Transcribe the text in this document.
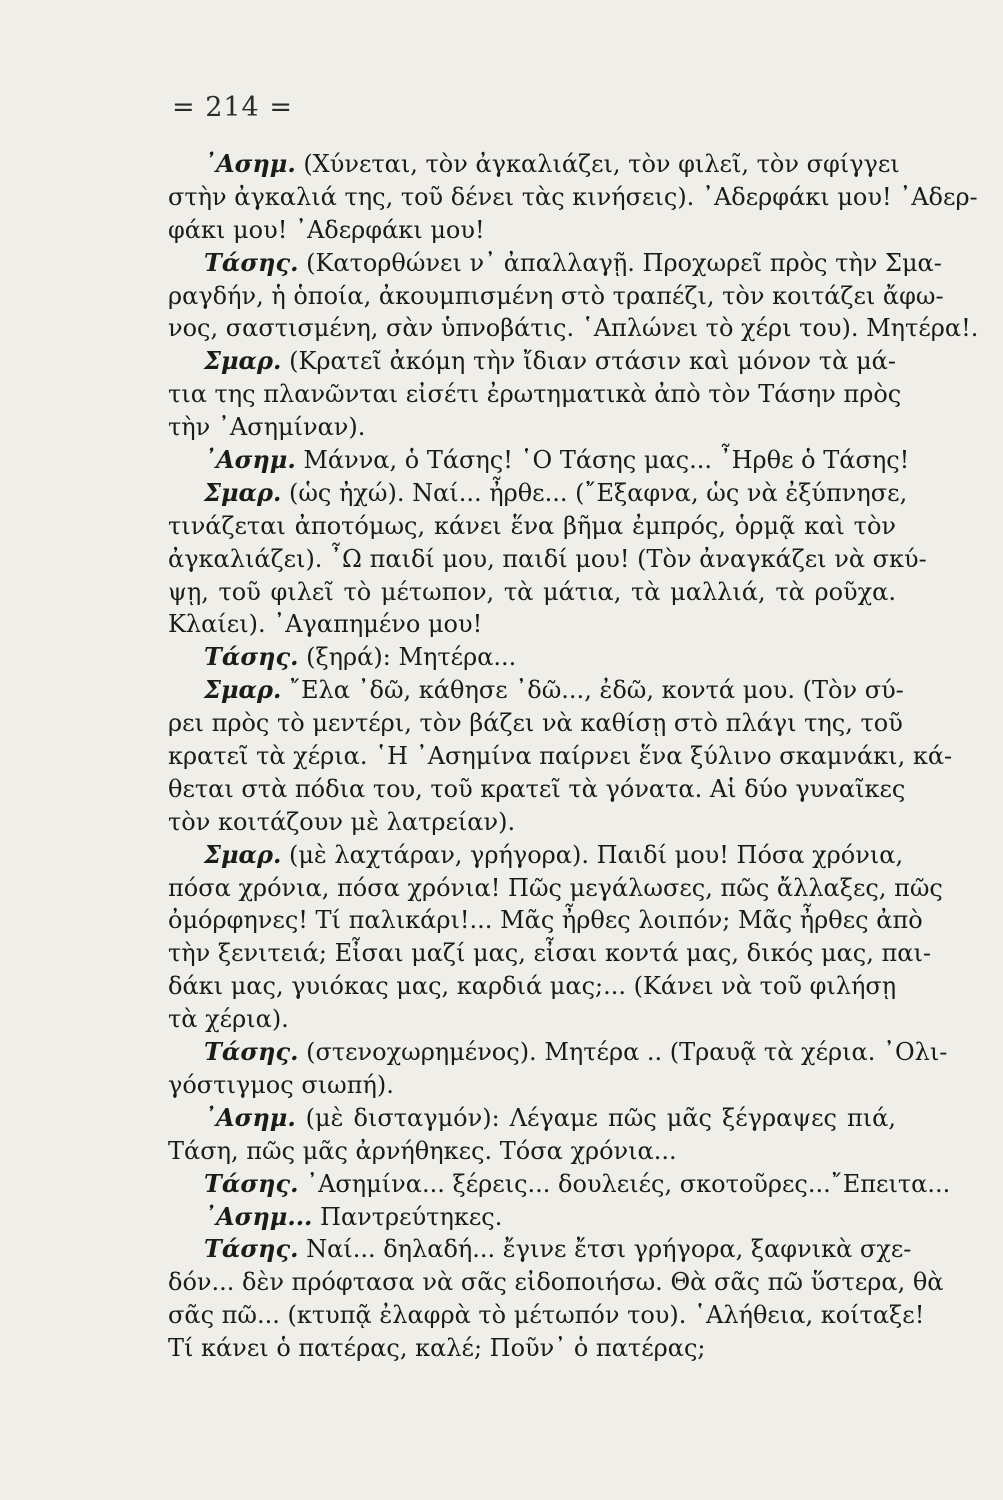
= 214 =
᾿Ασημ. (Χύνεται, τὸν ἀγκαλιάζει, τὸν φιλεῖ, τὸν σφίγγει
στὴν ἀγκαλιά της, τοῦ δένει τὰς κινήσεις). ᾿Αδερφάκι μου! ᾿Αδερ-
φάκι μου! ᾿Αδερφάκι μου!
Τάσης. (Κατορθώνει ν᾿ ἀπαλλαγῇ. Προχωρεῖ πρὸς τὴν Σμα-
ραγδήν, ἡ ὁποία, ἀκουμπισμένη στὸ τραπέζι, τὸν κοιτάζει ἄφω-
νος, σαστισμένη, σὰν ὑπνοβάτις. ῾Απλώνει τὸ χέρι του). Μητέρα!.
Σμαρ. (Κρατεῖ ἀκόμη τὴν ἴδιαν στάσιν καὶ μόνον τὰ μά-
τια της πλανῶνται εἰσέτι ἐρωτηματικὰ ἀπὸ τὸν Τάσην πρὸς
τὴν ᾿Ασημίναν).
᾿Ασημ. Μάννα, ὁ Τάσης! ῾Ο Τάσης μας... ῏Ηρθε ὁ Τάσης!
Σμαρ. (ὡς ἠχώ). Ναί... ἦρθε... (῎Εξαφνα, ὡς νὰ ἐξύπνησε,
τινάζεται ἀποτόμως, κάνει ἕνα βῆμα ἐμπρός, ὁρμᾷ καὶ τὸν
ἀγκαλιάζει). ῏Ω παιδί μου, παιδί μου! (Τὸν ἀναγκάζει νὰ σκύ-
ψῃ, τοῦ φιλεῖ τὸ μέτωπον, τὰ μάτια, τὰ μαλλιά, τὰ ροῦχα.
Κλαίει). ᾿Αγαπημένο μου!
Τάσης. (ξηρά): Μητέρα...
Σμαρ. ῎Ελα ᾿δῶ, κάθησε ᾿δῶ..., ἐδῶ, κοντά μου. (Τὸν σύ-
ρει πρὸς τὸ μεντέρι, τὸν βάζει νὰ καθίσῃ στὸ πλάγι της, τοῦ
κρατεῖ τὰ χέρια. ῾Η ᾿Ασημίνα παίρνει ἕνα ξύλινο σκαμνάκι, κά-
θεται στὰ πόδια του, τοῦ κρατεῖ τὰ γόνατα. Αἱ δύο γυναῖκες
τὸν κοιτάζουν μὲ λατρείαν).
Σμαρ. (μὲ λαχτάραν, γρήγορα). Παιδί μου! Πόσα χρόνια,
πόσα χρόνια, πόσα χρόνια! Πῶς μεγάλωσες, πῶς ἄλλαξες, πῶς
ὀμόρφηνες! Τί παλικάρι!... Μᾶς ἦρθες λοιπόν; Μᾶς ἦρθες ἀπὸ
τὴν ξενιτειά; Εἶσαι μαζί μας, εἶσαι κοντά μας, δικός μας, παι-
δάκι μας, γυιόκας μας, καρδιά μας;... (Κάνει νὰ τοῦ φιλήσῃ
τὰ χέρια).
Τάσης. (στενοχωρημένος). Μητέρα .. (Τραυᾷ τὰ χέρια. ᾿Ολι-
γόστιγμος σιωπή).
᾿Ασημ. (μὲ δισταγμόν): Λέγαμε πῶς μᾶς ξέγραψες πιά,
Τάση, πῶς μᾶς ἀρνήθηκες. Τόσα χρόνια...
Τάσης. ᾿Ασημίνα... ξέρεις... δουλειές, σκοτοῦρες...῎Επειτα...
᾿Ασημ... Παντρεύτηκες.
Τάσης. Ναί... δηλαδή... ἔγινε ἔτσι γρήγορα, ξαφνικὰ σχε-
δόν... δὲν πρόφτασα νὰ σᾶς εἰδοποιήσω. Θὰ σᾶς πῶ ὕστερα, θὰ
σᾶς πῶ... (κτυπᾷ ἐλαφρὰ τὸ μέτωπόν του). ῾Αλήθεια, κοίταξε!
Τί κάνει ὁ πατέρας, καλέ; Ποῦν᾿ ὁ πατέρας;
